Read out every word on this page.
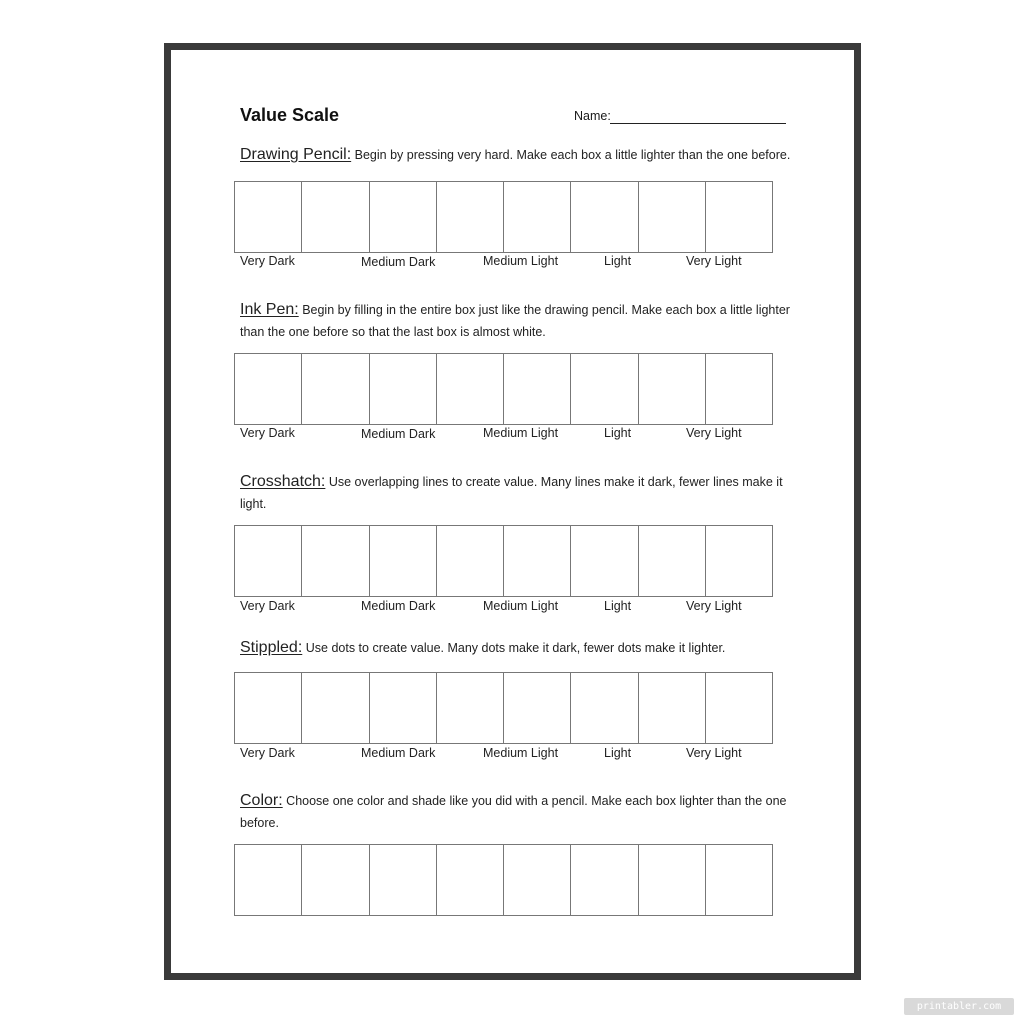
Value Scale	Name:
Drawing Pencil: Begin by pressing very hard. Make each box a little lighter than the one before.
Very Dark	Medium Dark	Medium Light	Light	Very Light
Ink Pen: Begin by filling in the entire box just like the drawing pencil. Make each box a little lighter than the one before so that the last box is almost white.
Very Dark	Medium Dark	Medium Light	Light	Very Light
Crosshatch: Use overlapping lines to create value. Many lines make it dark, fewer lines make it light.
Very Dark	Medium Dark	Medium Light	Light	Very Light
Stippled: Use dots to create value. Many dots make it dark, fewer dots make it lighter.
Very Dark	Medium Dark	Medium Light	Light	Very Light
Color: Choose one color and shade like you did with a pencil. Make each box lighter than the one before.
printabler.com
